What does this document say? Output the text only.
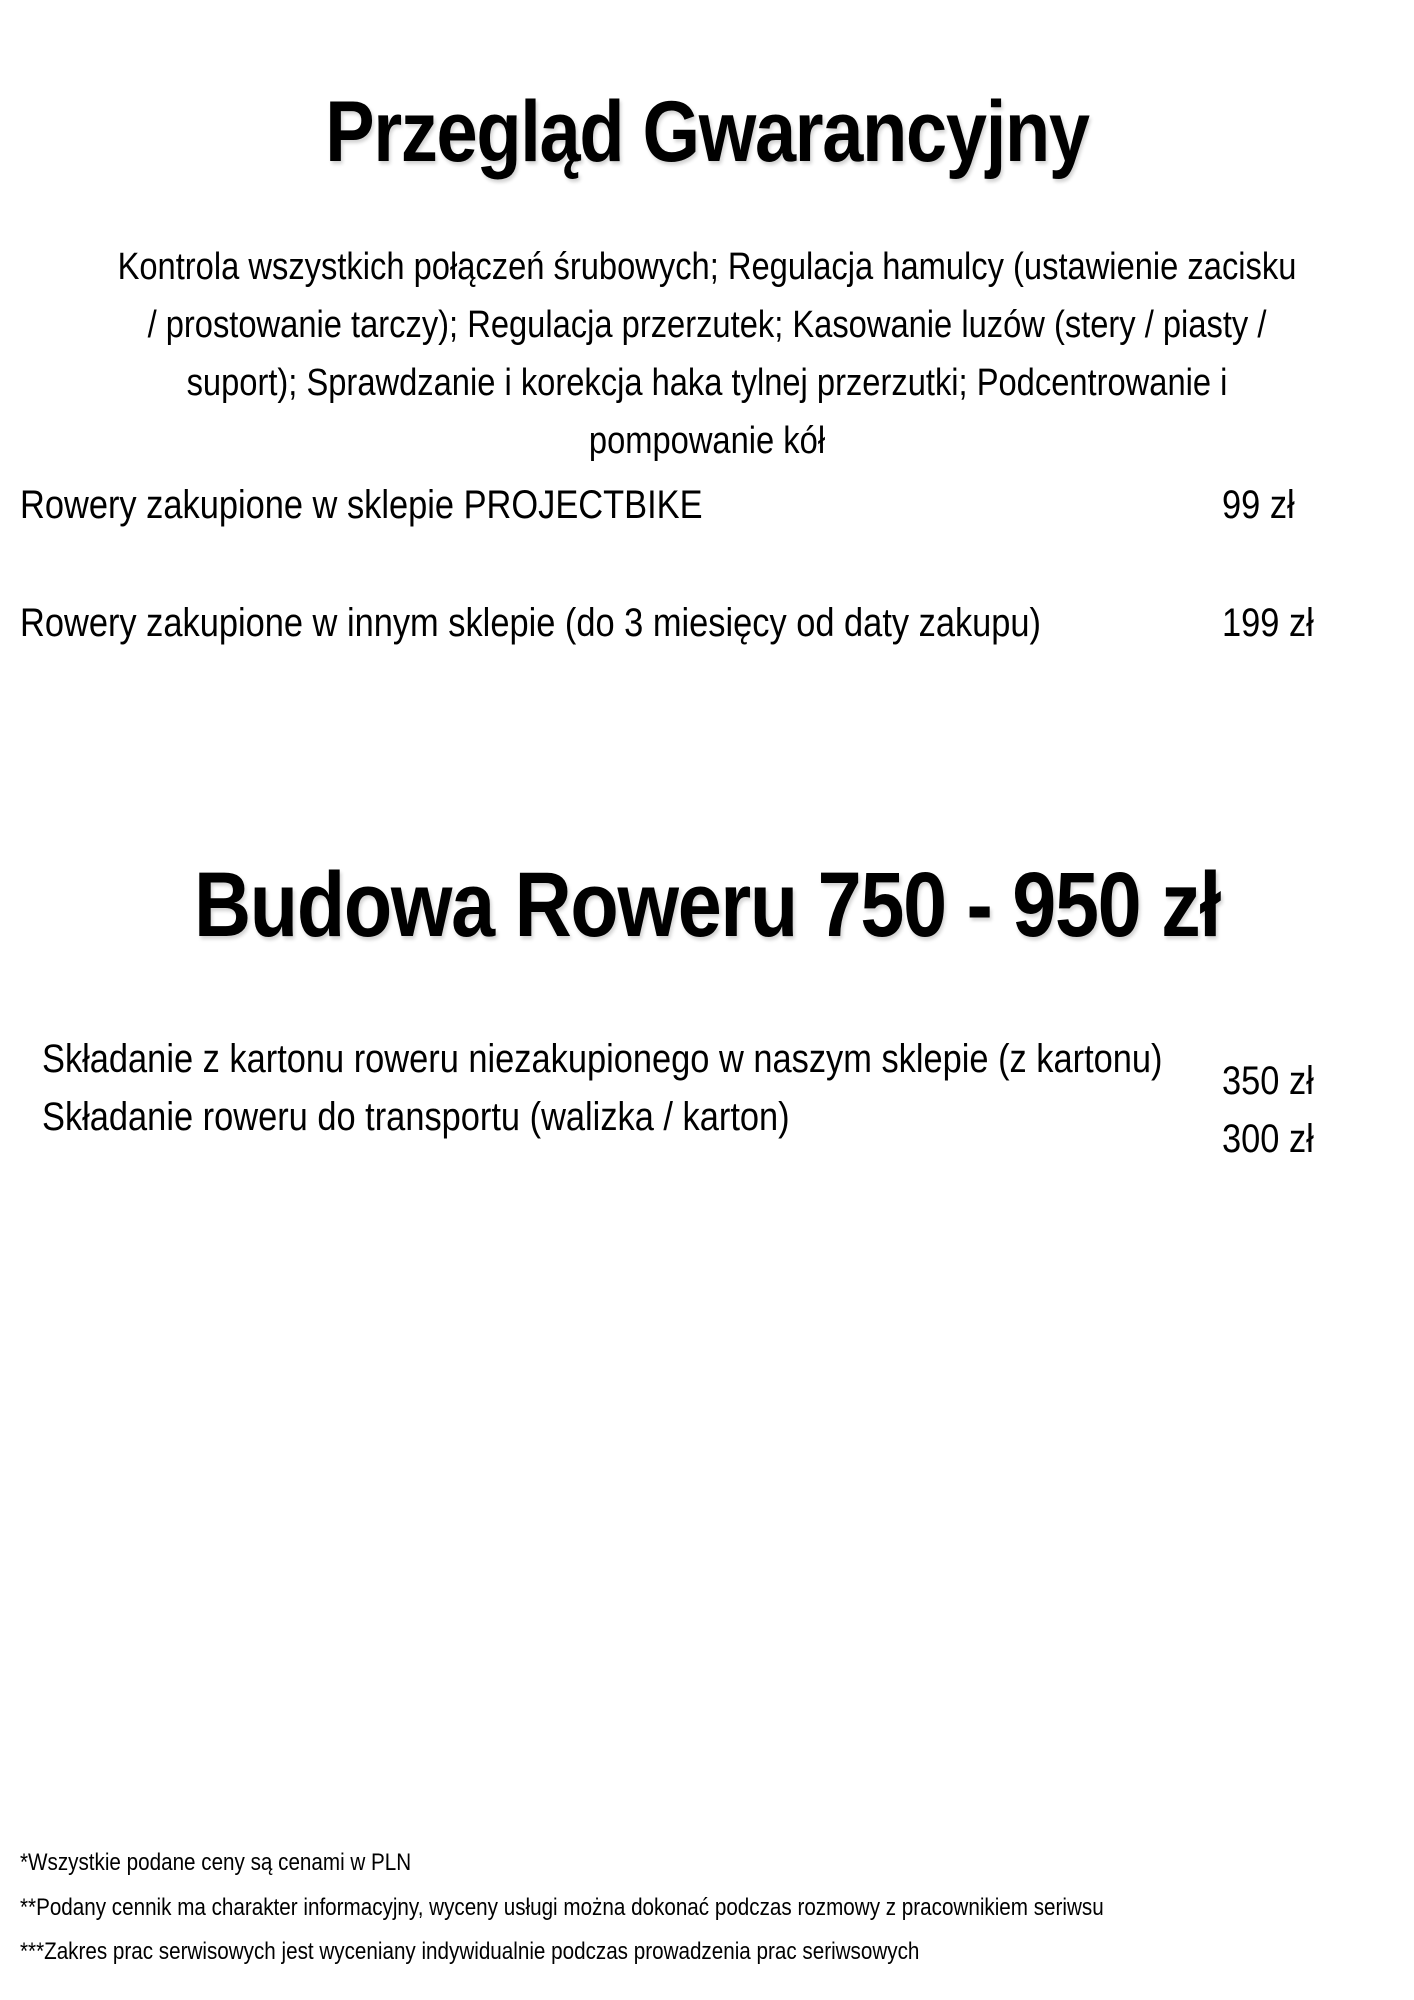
Przegląd Gwarancyjny

Kontrola wszystkich połączeń śrubowych; Regulacja hamulcy (ustawienie zacisku / prostowanie tarczy); Regulacja przerzutek; Kasowanie luzów (stery / piasty / suport); Sprawdzanie i korekcja haka tylnej przerzutki; Podcentrowanie i pompowanie kół

Rowery zakupione w sklepie PROJECTBIKE	99 zł
Rowery zakupione w innym sklepie (do 3 miesięcy od daty zakupu)	199 zł
Budowa Roweru 750 - 950 zł
Składanie z kartonu roweru niezakupionego w naszym sklepie (z kartonu)
Składanie roweru do transportu (walizka / karton)
350 zł
300 zł
*Wszystkie podane ceny są cenami w PLN
**Podany cennik ma charakter informacyjny, wyceny usługi można dokonać podczas rozmowy z pracownikiem seriwsu
***Zakres prac serwisowych jest wyceniany indywidualnie podczas prowadzenia prac seriwsowych
